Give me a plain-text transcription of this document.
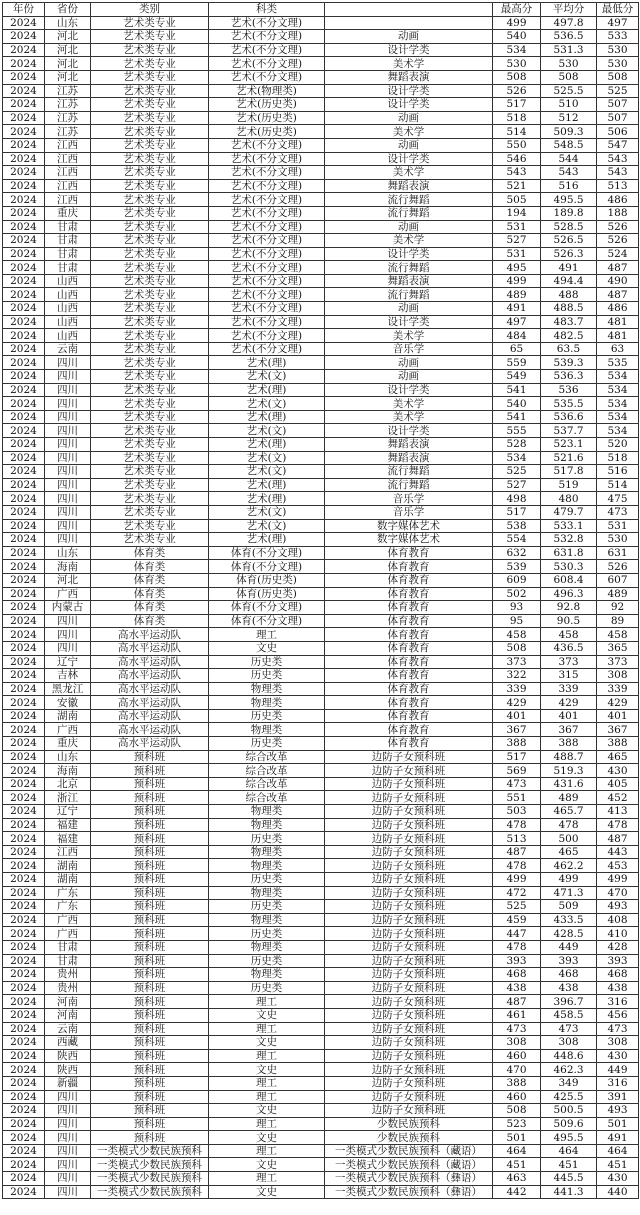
年份	省份	类别	科类		最高分	平均分	最低分
2024	山东	艺术类专业	艺术(不分文理)		499	497.8	497
2024	河北	艺术类专业	艺术(不分文理)	动画	540	536.5	533
2024	河北	艺术类专业	艺术(不分文理)	设计学类	534	531.3	530
2024	河北	艺术类专业	艺术(不分文理)	美术学	530	530	530
2024	河北	艺术类专业	艺术(不分文理)	舞蹈表演	508	508	508
2024	江苏	艺术类专业	艺术(物理类)	设计学类	526	525.5	525
2024	江苏	艺术类专业	艺术(历史类)	设计学类	517	510	507
2024	江苏	艺术类专业	艺术(历史类)	动画	518	512	507
2024	江苏	艺术类专业	艺术(历史类)	美术学	514	509.3	506
2024	江西	艺术类专业	艺术(不分文理)	动画	550	548.5	547
2024	江西	艺术类专业	艺术(不分文理)	设计学类	546	544	543
2024	江西	艺术类专业	艺术(不分文理)	美术学	543	543	543
2024	江西	艺术类专业	艺术(不分文理)	舞蹈表演	521	516	513
2024	江西	艺术类专业	艺术(不分文理)	流行舞蹈	505	495.5	486
2024	重庆	艺术类专业	艺术(不分文理)	流行舞蹈	194	189.8	188
2024	甘肃	艺术类专业	艺术(不分文理)	动画	531	528.5	526
2024	甘肃	艺术类专业	艺术(不分文理)	美术学	527	526.5	526
2024	甘肃	艺术类专业	艺术(不分文理)	设计学类	531	526.3	524
2024	甘肃	艺术类专业	艺术(不分文理)	流行舞蹈	495	491	487
2024	山西	艺术类专业	艺术(不分文理)	舞蹈表演	499	494.4	490
2024	山西	艺术类专业	艺术(不分文理)	流行舞蹈	489	488	487
2024	山西	艺术类专业	艺术(不分文理)	动画	491	488.5	486
2024	山西	艺术类专业	艺术(不分文理)	设计学类	497	483.7	481
2024	山西	艺术类专业	艺术(不分文理)	美术学	484	482.5	481
2024	云南	艺术类专业	艺术(不分文理)	音乐学	65	63.5	63
2024	四川	艺术类专业	艺术(理)	动画	559	539.3	535
2024	四川	艺术类专业	艺术(文)	动画	549	536.3	534
2024	四川	艺术类专业	艺术(理)	设计学类	541	536	534
2024	四川	艺术类专业	艺术(文)	美术学	540	535.5	534
2024	四川	艺术类专业	艺术(理)	美术学	541	536.6	534
2024	四川	艺术类专业	艺术(文)	设计学类	555	537.7	534
2024	四川	艺术类专业	艺术(理)	舞蹈表演	528	523.1	520
2024	四川	艺术类专业	艺术(文)	舞蹈表演	534	521.6	518
2024	四川	艺术类专业	艺术(文)	流行舞蹈	525	517.8	516
2024	四川	艺术类专业	艺术(理)	流行舞蹈	527	519	514
2024	四川	艺术类专业	艺术(理)	音乐学	498	480	475
2024	四川	艺术类专业	艺术(文)	音乐学	517	479.7	473
2024	四川	艺术类专业	艺术(文)	数字媒体艺术	538	533.1	531
2024	四川	艺术类专业	艺术(理)	数字媒体艺术	554	532.8	530
2024	山东	体育类	体育(不分文理)	体育教育	632	631.8	631
2024	海南	体育类	体育(不分文理)	体育教育	539	530.3	526
2024	河北	体育类	体育(历史类)	体育教育	609	608.4	607
2024	广西	体育类	体育(历史类)	体育教育	502	496.3	489
2024	内蒙古	体育类	体育(不分文理)	体育教育	93	92.8	92
2024	四川	体育类	体育(不分文理)	体育教育	95	90.5	89
2024	四川	高水平运动队	理工	体育教育	458	458	458
2024	四川	高水平运动队	文史	体育教育	508	436.5	365
2024	辽宁	高水平运动队	历史类	体育教育	373	373	373
2024	吉林	高水平运动队	历史类	体育教育	322	315	308
2024	黑龙江	高水平运动队	物理类	体育教育	339	339	339
2024	安徽	高水平运动队	物理类	体育教育	429	429	429
2024	湖南	高水平运动队	历史类	体育教育	401	401	401
2024	广西	高水平运动队	物理类	体育教育	367	367	367
2024	重庆	高水平运动队	历史类	体育教育	388	388	388
2024	山东	预科班	综合改革	边防子女预科班	517	488.7	465
2024	海南	预科班	综合改革	边防子女预科班	569	519.3	430
2024	北京	预科班	综合改革	边防子女预科班	473	431.6	405
2024	浙江	预科班	综合改革	边防子女预科班	551	489	452
2024	辽宁	预科班	物理类	边防子女预科班	503	465.7	413
2024	福建	预科班	物理类	边防子女预科班	478	478	478
2024	福建	预科班	历史类	边防子女预科班	513	500	487
2024	江西	预科班	物理类	边防子女预科班	487	465	443
2024	湖南	预科班	物理类	边防子女预科班	478	462.2	453
2024	湖南	预科班	历史类	边防子女预科班	499	499	499
2024	广东	预科班	物理类	边防子女预科班	472	471.3	470
2024	广东	预科班	历史类	边防子女预科班	525	509	493
2024	广西	预科班	物理类	边防子女预科班	459	433.5	408
2024	广西	预科班	历史类	边防子女预科班	447	428.5	410
2024	甘肃	预科班	物理类	边防子女预科班	478	449	428
2024	甘肃	预科班	历史类	边防子女预科班	393	393	393
2024	贵州	预科班	物理类	边防子女预科班	468	468	468
2024	贵州	预科班	历史类	边防子女预科班	438	438	438
2024	河南	预科班	理工	边防子女预科班	487	396.7	316
2024	河南	预科班	文史	边防子女预科班	461	458.5	456
2024	云南	预科班	理工	边防子女预科班	473	473	473
2024	西藏	预科班	文史	边防子女预科班	308	308	308
2024	陕西	预科班	理工	边防子女预科班	460	448.6	430
2024	陕西	预科班	文史	边防子女预科班	470	462.3	449
2024	新疆	预科班	理工	边防子女预科班	388	349	316
2024	四川	预科班	理工	边防子女预科班	460	425.5	391
2024	四川	预科班	文史	边防子女预科班	508	500.5	493
2024	四川	预科班	理工	少数民族预科	523	509.6	501
2024	四川	预科班	文史	少数民族预科	501	495.5	491
2024	四川	一类模式少数民族预科	理工	一类模式少数民族预科（藏语）	464	464	464
2024	四川	一类模式少数民族预科	文史	一类模式少数民族预科（藏语）	451	451	451
2024	四川	一类模式少数民族预科	理工	一类模式少数民族预科（彝语）	463	445.5	430
2024	四川	一类模式少数民族预科	文史	一类模式少数民族预科（彝语）	442	441.3	440
